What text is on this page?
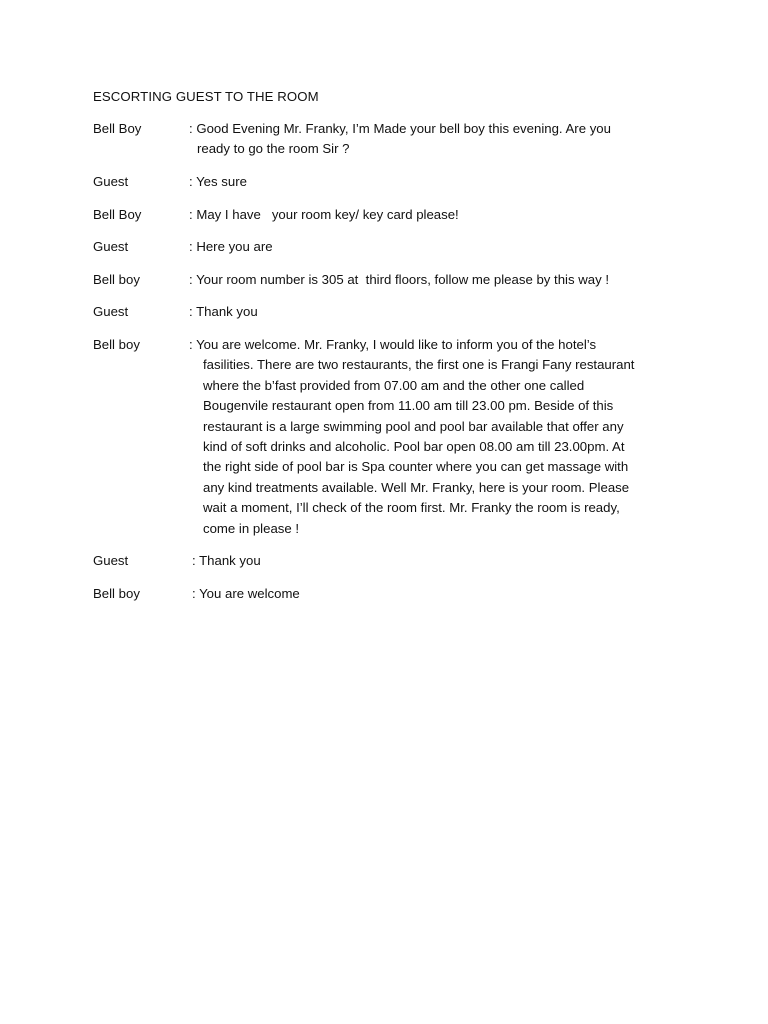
ESCORTING GUEST TO THE ROOM
Bell Boy	: Good Evening Mr. Franky, I’m Made your bell boy this evening. Are you
ready to go the room Sir ?
Guest	: Yes sure
Bell Boy	: May I have   your room key/ key card please!
Guest	: Here you are
Bell boy	: Your room number is 305 at  third floors, follow me please by this way !
Guest	: Thank you
Bell boy	: You are welcome. Mr. Franky, I would like to inform you of the hotel’s
fasilities. There are two restaurants, the first one is Frangi Fany restaurant
where the b’fast provided from 07.00 am and the other one called
Bougenvile restaurant open from 11.00 am till 23.00 pm. Beside of this
restaurant is a large swimming pool and pool bar available that offer any
kind of soft drinks and alcoholic. Pool bar open 08.00 am till 23.00pm. At
the right side of pool bar is Spa counter where you can get massage with
any kind treatments available. Well Mr. Franky, here is your room. Please
wait a moment, I’ll check of the room first. Mr. Franky the room is ready,
come in please !
Guest	: Thank you
Bell boy	: You are welcome
